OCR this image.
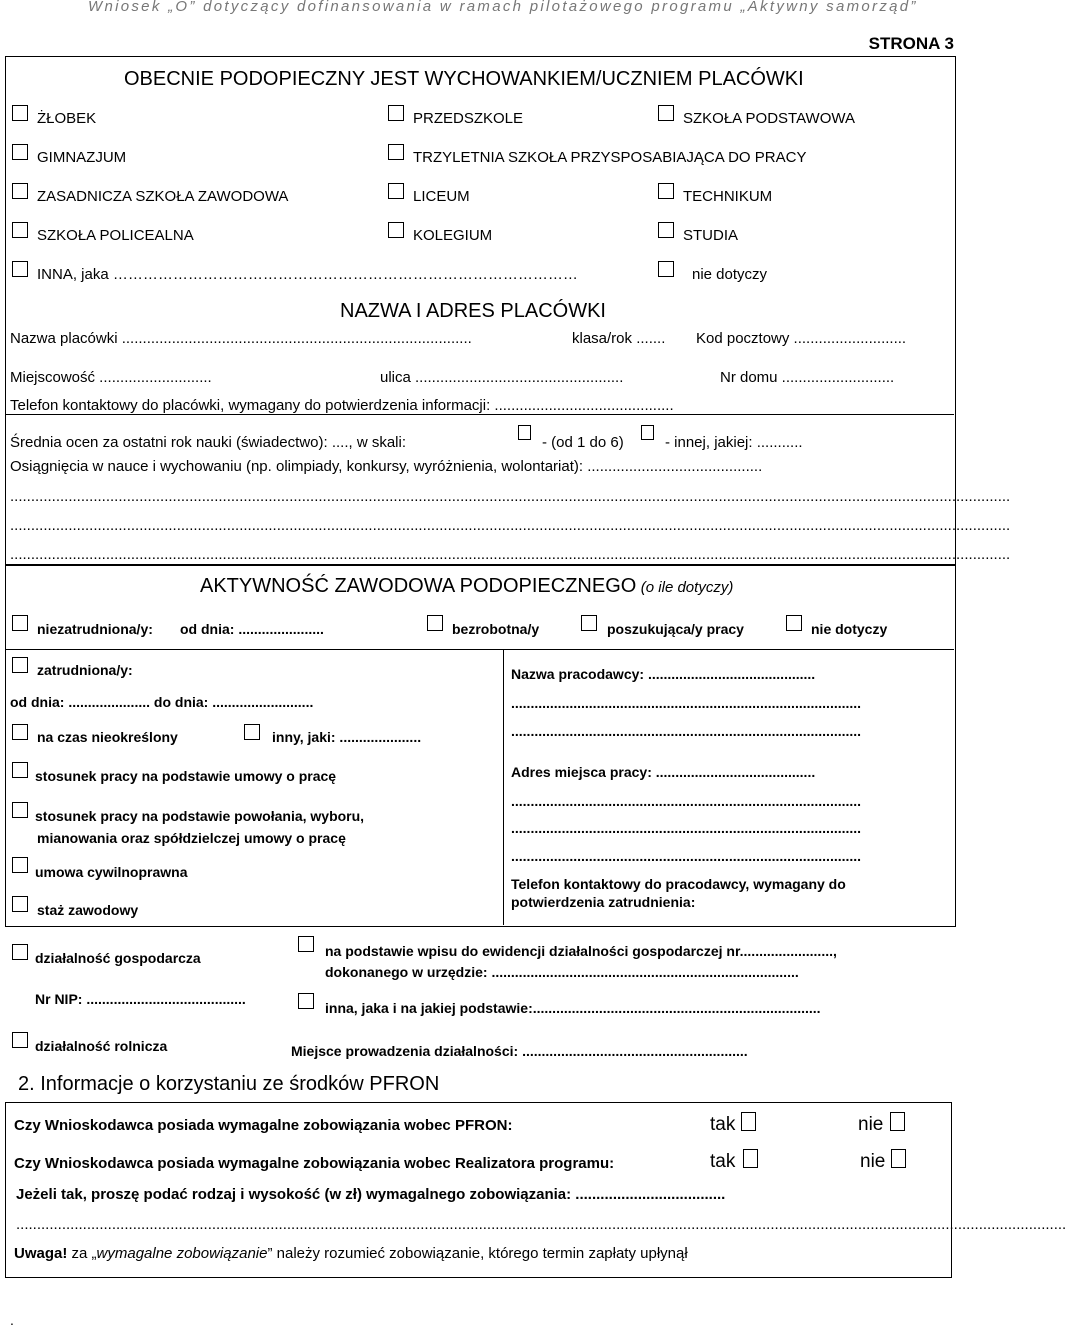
Wniosek „O” dotyczący dofinansowania w ramach pilotażowego programu „Aktywny samorząd”
STRONA 3
OBECNIE PODOPIECZNY JEST WYCHOWANKIEM/UCZNIEM PLACÓWKI
ŻŁOBEK	PRZEDSZKOLE	SZKOŁA PODSTAWOWA
GIMNAZJUM	TRZYLETNIA SZKOŁA PRZYSPOSABIAJĄCA DO PRACY
ZASADNICZA SZKOŁA ZAWODOWA	LICEUM	TECHNIKUM
SZKOŁA POLICEALNA	KOLEGIUM	STUDIA
INNA, jaka …………………………………………………………………………………	nie dotyczy
NAZWA I ADRES PLACÓWKI
Nazwa placówki ....................................................................................	klasa/rok ....... Kod pocztowy ...........................
Miejscowość ...........................	ulica ..................................................	Nr domu ...........................
Telefon kontaktowy do placówki, wymagany do potwierdzenia informacji: ...........................................
Średnia ocen za ostatni rok nauki (świadectwo): ...., w skali:	- (od 1 do 6)	- innej, jakiej: ...........
Osiągnięcia w nauce i wychowaniu (np. olimpiady, konkursy, wyróżnienia, wolontariat): ..........................................
................................................................................................................................................................................................................................................
................................................................................................................................................................................................................................................
................................................................................................................................................................................................................................................
AKTYWNOŚĆ ZAWODOWA PODOPIECZNEGO (o ile dotyczy)
niezatrudniona/y: od dnia: ......................	bezrobotna/y	poszukująca/y pracy	nie dotyczy
zatrudniona/y:
od dnia: ..................... do dnia: ..........................
na czas nieokreślony	inny, jaki: .....................
stosunek pracy na podstawie umowy o pracę
stosunek pracy na podstawie powołania, wyboru,
mianowania oraz spółdzielczej umowy o pracę
umowa cywilnoprawna
staż zawodowy
Nazwa pracodawcy: ...........................................
..........................................................................................
..........................................................................................
Adres miejsca pracy: .........................................
..........................................................................................
..........................................................................................
..........................................................................................
Telefon kontaktowy do pracodawcy, wymagany do
potwierdzenia zatrudnienia:
działalność gospodarcza
Nr NIP: .........................................
na podstawie wpisu do ewidencji działalności gospodarczej nr........................,
dokonanego w urzędzie: ...............................................................................
inna, jaka i na jakiej podstawie:..........................................................................
działalność rolnicza	Miejsce prowadzenia działalności: ..........................................................
2. Informacje o korzystaniu ze środków PFRON
Czy Wnioskodawca posiada wymagalne zobowiązania wobec PFRON:	tak	nie
Czy Wnioskodawca posiada wymagalne zobowiązania wobec Realizatora programu:	tak	nie
Jeżeli tak, proszę podać rodzaj i wysokość (w zł) wymagalnego zobowiązania: ....................................
............................................................................................................................................................................................................................................................
Uwaga! za „wymagalne zobowiązanie” należy rozumieć zobowiązanie, którego termin zapłaty upłynął
.
